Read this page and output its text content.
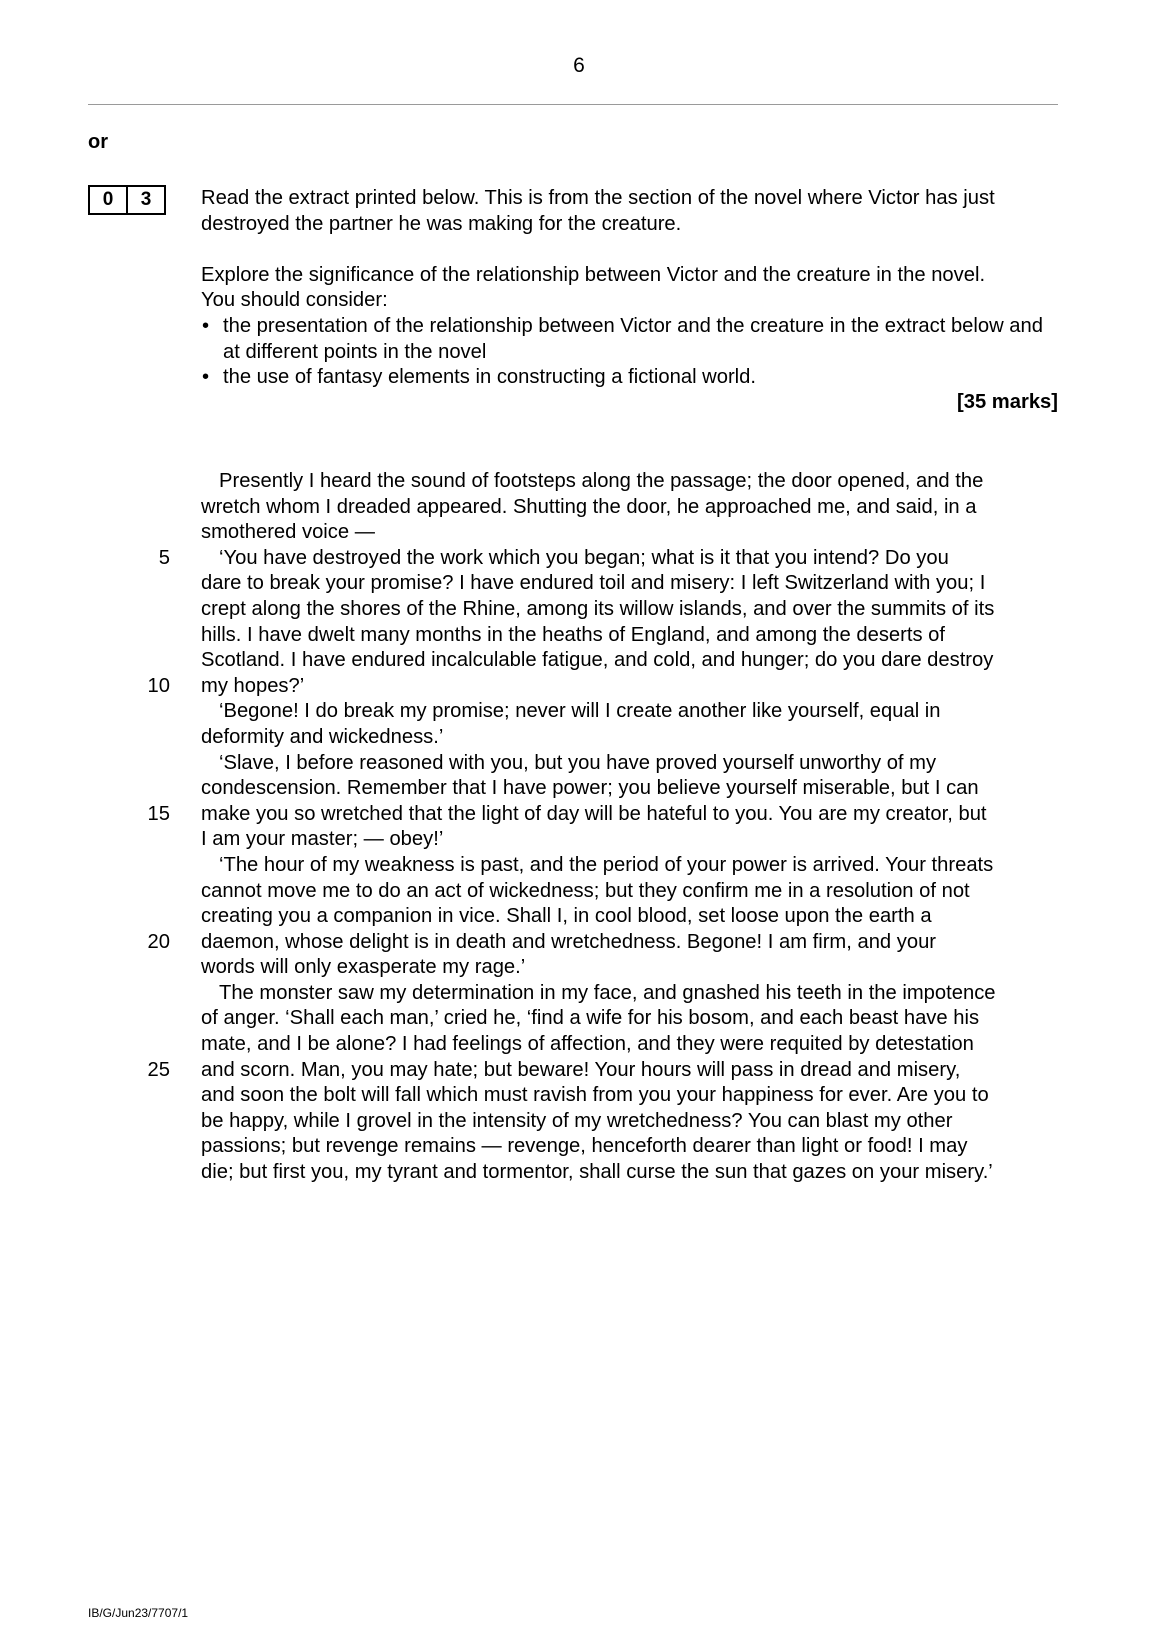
6
or
0	3	Read the extract printed below. This is from the section of the novel where Victor has just destroyed the partner he was making for the creature.

Explore the significance of the relationship between Victor and the creature in the novel.

You should consider:

• the presentation of the relationship between Victor and the creature in the extract below and at different points in the novel
• the use of fantasy elements in constructing a fictional world.
[35 marks]
5
10
15
20
25
Presently I heard the sound of footsteps along the passage; the door opened, and the
wretch whom I dreaded appeared. Shutting the door, he approached me, and said, in a
smothered voice —
‘You have destroyed the work which you began; what is it that you intend? Do you
dare to break your promise? I have endured toil and misery: I left Switzerland with you; I
crept along the shores of the Rhine, among its willow islands, and over the summits of its
hills. I have dwelt many months in the heaths of England, and among the deserts of
Scotland. I have endured incalculable fatigue, and cold, and hunger; do you dare destroy
my hopes?’
‘Begone! I do break my promise; never will I create another like yourself, equal in
deformity and wickedness.’
‘Slave, I before reasoned with you, but you have proved yourself unworthy of my
condescension. Remember that I have power; you believe yourself miserable, but I can
make you so wretched that the light of day will be hateful to you. You are my creator, but
I am your master; — obey!’
‘The hour of my weakness is past, and the period of your power is arrived. Your threats
cannot move me to do an act of wickedness; but they confirm me in a resolution of not
creating you a companion in vice. Shall I, in cool blood, set loose upon the earth a
daemon, whose delight is in death and wretchedness. Begone! I am firm, and your
words will only exasperate my rage.’
The monster saw my determination in my face, and gnashed his teeth in the impotence
of anger. ‘Shall each man,’ cried he, ‘find a wife for his bosom, and each beast have his
mate, and I be alone? I had feelings of affection, and they were requited by detestation
and scorn. Man, you may hate; but beware! Your hours will pass in dread and misery,
and soon the bolt will fall which must ravish from you your happiness for ever. Are you to
be happy, while I grovel in the intensity of my wretchedness? You can blast my other
passions; but revenge remains — revenge, henceforth dearer than light or food! I may
die; but first you, my tyrant and tormentor, shall curse the sun that gazes on your misery.’
IB/G/Jun23/7707/1
